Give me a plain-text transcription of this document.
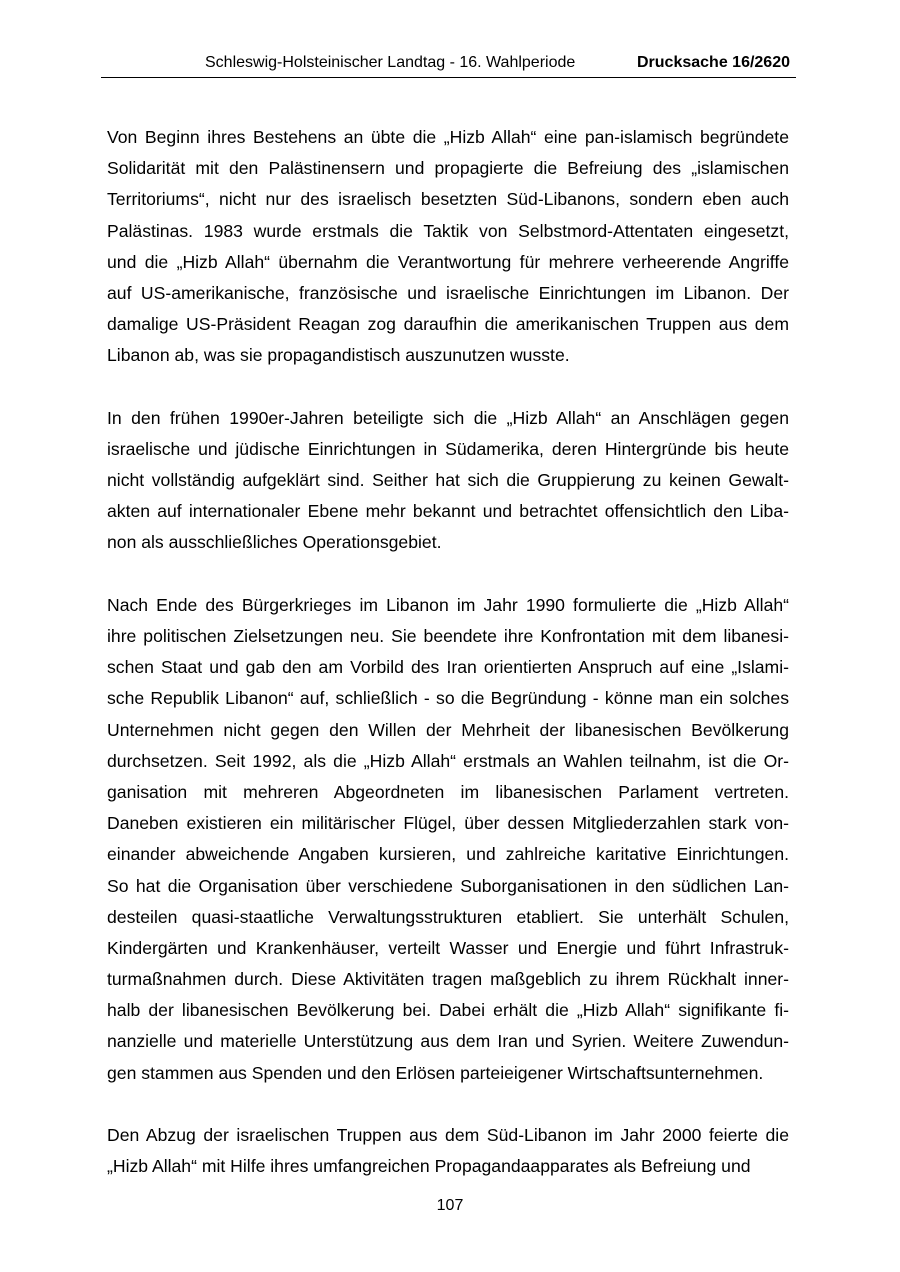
Schleswig-Holsteinischer Landtag - 16. Wahlperiode	Drucksache 16/2620
Von Beginn ihres Bestehens an übte die „Hizb Allah“ eine pan-islamisch begründete
Solidarität mit den Palästinensern und propagierte die Befreiung des „islamischen
Territoriums“, nicht nur des israelisch besetzten Süd-Libanons, sondern eben auch
Palästinas. 1983 wurde erstmals die Taktik von Selbstmord-Attentaten eingesetzt,
und die „Hizb Allah“ übernahm die Verantwortung für mehrere verheerende Angriffe
auf US-amerikanische, französische und israelische Einrichtungen im Libanon. Der
damalige US-Präsident Reagan zog daraufhin die amerikanischen Truppen aus dem
Libanon ab, was sie propagandistisch auszunutzen wusste.
In den frühen 1990er-Jahren beteiligte sich die „Hizb Allah“ an Anschlägen gegen
israelische und jüdische Einrichtungen in Südamerika, deren Hintergründe bis heute
nicht vollständig aufgeklärt sind. Seither hat sich die Gruppierung zu keinen Gewalt-
akten auf internationaler Ebene mehr bekannt und betrachtet offensichtlich den Liba-
non als ausschließliches Operationsgebiet.
Nach Ende des Bürgerkrieges im Libanon im Jahr 1990 formulierte die „Hizb Allah“
ihre politischen Zielsetzungen neu. Sie beendete ihre Konfrontation mit dem libanesi-
schen Staat und gab den am Vorbild des Iran orientierten Anspruch auf eine „Islami-
sche Republik Libanon“ auf, schließlich - so die Begründung - könne man ein solches
Unternehmen nicht gegen den Willen der Mehrheit der libanesischen Bevölkerung
durchsetzen. Seit 1992, als die „Hizb Allah“ erstmals an Wahlen teilnahm, ist die Or-
ganisation mit mehreren Abgeordneten im libanesischen Parlament vertreten.
Daneben existieren ein militärischer Flügel, über dessen Mitgliederzahlen stark von-
einander abweichende Angaben kursieren, und zahlreiche karitative Einrichtungen.
So hat die Organisation über verschiedene Suborganisationen in den südlichen Lan-
desteilen quasi-staatliche Verwaltungsstrukturen etabliert. Sie unterhält Schulen,
Kindergärten und Krankenhäuser, verteilt Wasser und Energie und führt Infrastruk-
turmaßnahmen durch. Diese Aktivitäten tragen maßgeblich zu ihrem Rückhalt inner-
halb der libanesischen Bevölkerung bei. Dabei erhält die „Hizb Allah“ signifikante fi-
nanzielle und materielle Unterstützung aus dem Iran und Syrien. Weitere Zuwendun-
gen stammen aus Spenden und den Erlösen parteieigener Wirtschaftsunternehmen.
Den Abzug der israelischen Truppen aus dem Süd-Libanon im Jahr 2000 feierte die
„Hizb Allah“ mit Hilfe ihres umfangreichen Propagandaapparates als Befreiung und
107
